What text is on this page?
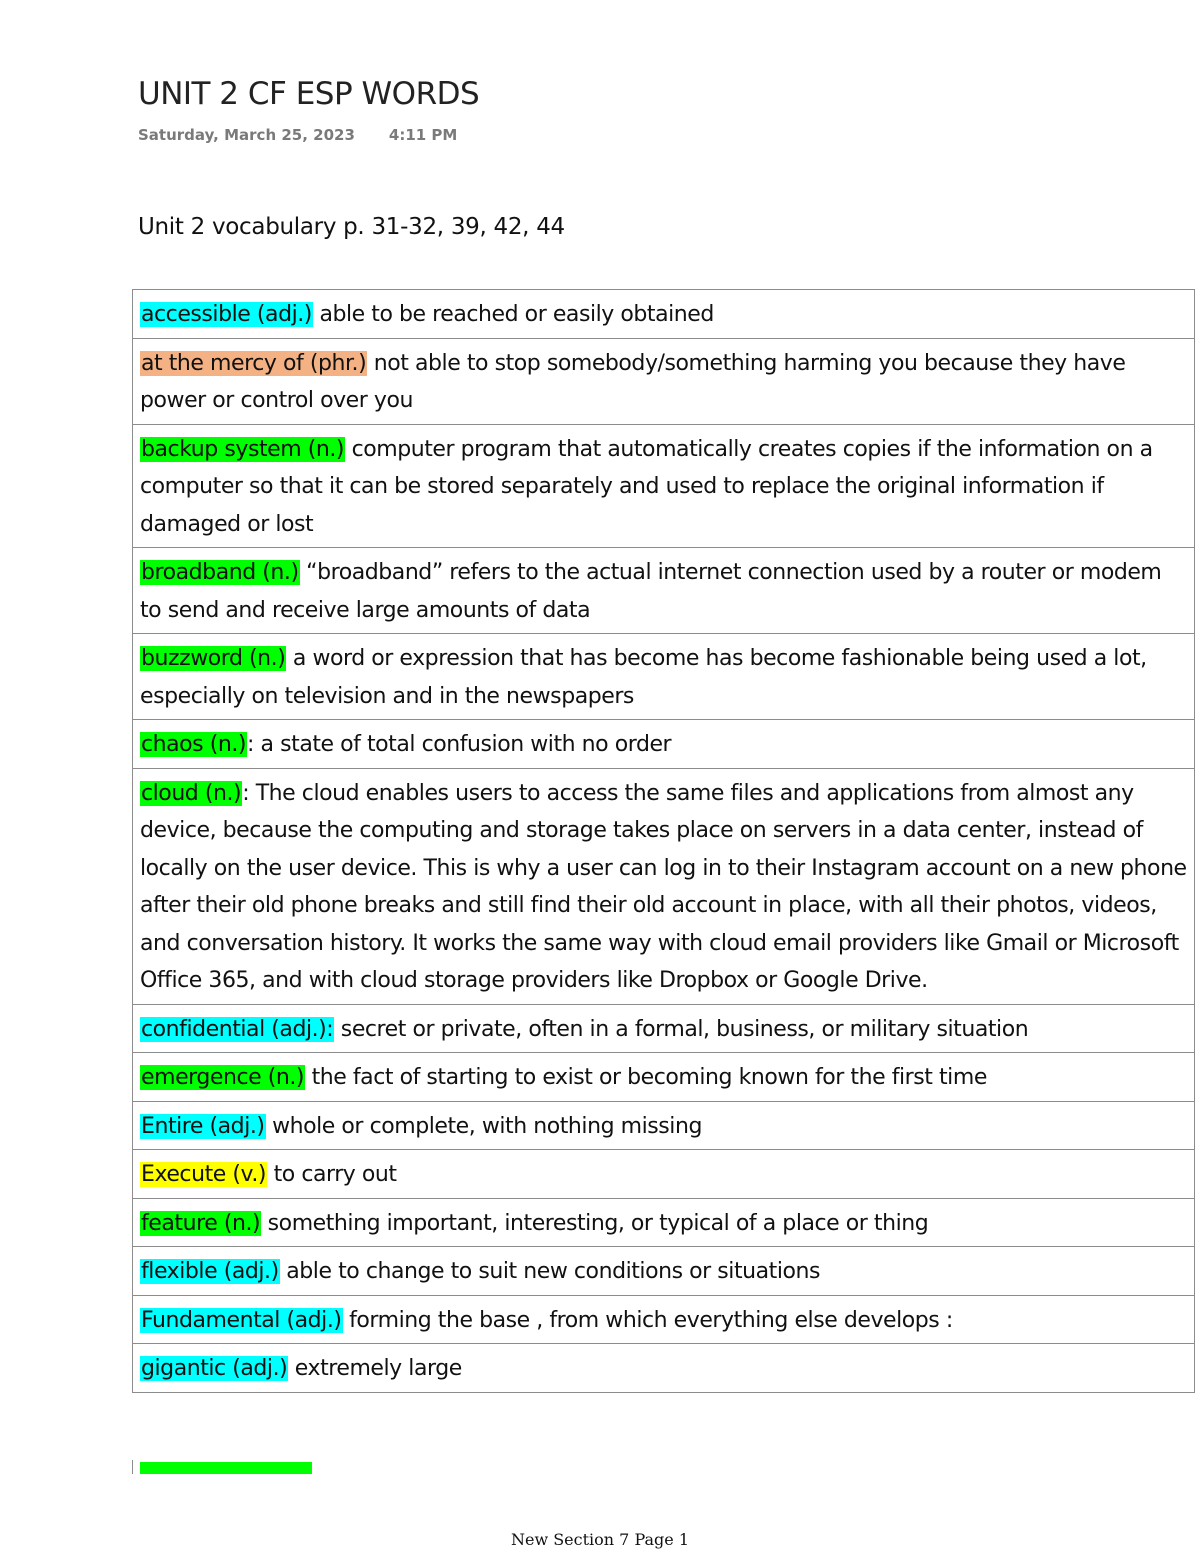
UNIT 2 CF ESP WORDS
Saturday, March 25, 2023 4:11 PM
Unit 2 vocabulary p. 31-32, 39, 42, 44
accessible (adj.) able to be reached or easily obtained
at the mercy of (phr.) not able to stop somebody/something harming you because they have power or control over you
backup system (n.) computer program that automatically creates copies if the information on a computer so that it can be stored separately and used to replace the original information if damaged or lost
broadband (n.) “broadband” refers to the actual internet connection used by a router or modem to send and receive large amounts of data
buzzword (n.) a word or expression that has become has become fashionable being used a lot, especially on television and in the newspapers
chaos (n.): a state of total confusion with no order
cloud (n.): The cloud enables users to access the same files and applications from almost any device, because the computing and storage takes place on servers in a data center, instead of locally on the user device. This is why a user can log in to their Instagram account on a new phone after their old phone breaks and still find their old account in place, with all their photos, videos, and conversation history. It works the same way with cloud email providers like Gmail or Microsoft Office 365, and with cloud storage providers like Dropbox or Google Drive.
confidential (adj.): secret or private, often in a formal, business, or military situation
emergence (n.) the fact of starting to exist or becoming known for the first time
Entire (adj.) whole or complete, with nothing missing
Execute (v.) to carry out
feature (n.) something important, interesting, or typical of a place or thing
flexible (adj.) able to change to suit new conditions or situations
Fundamental (adj.) forming the base , from which everything else develops :
gigantic (adj.) extremely large
New Section 7 Page 1
